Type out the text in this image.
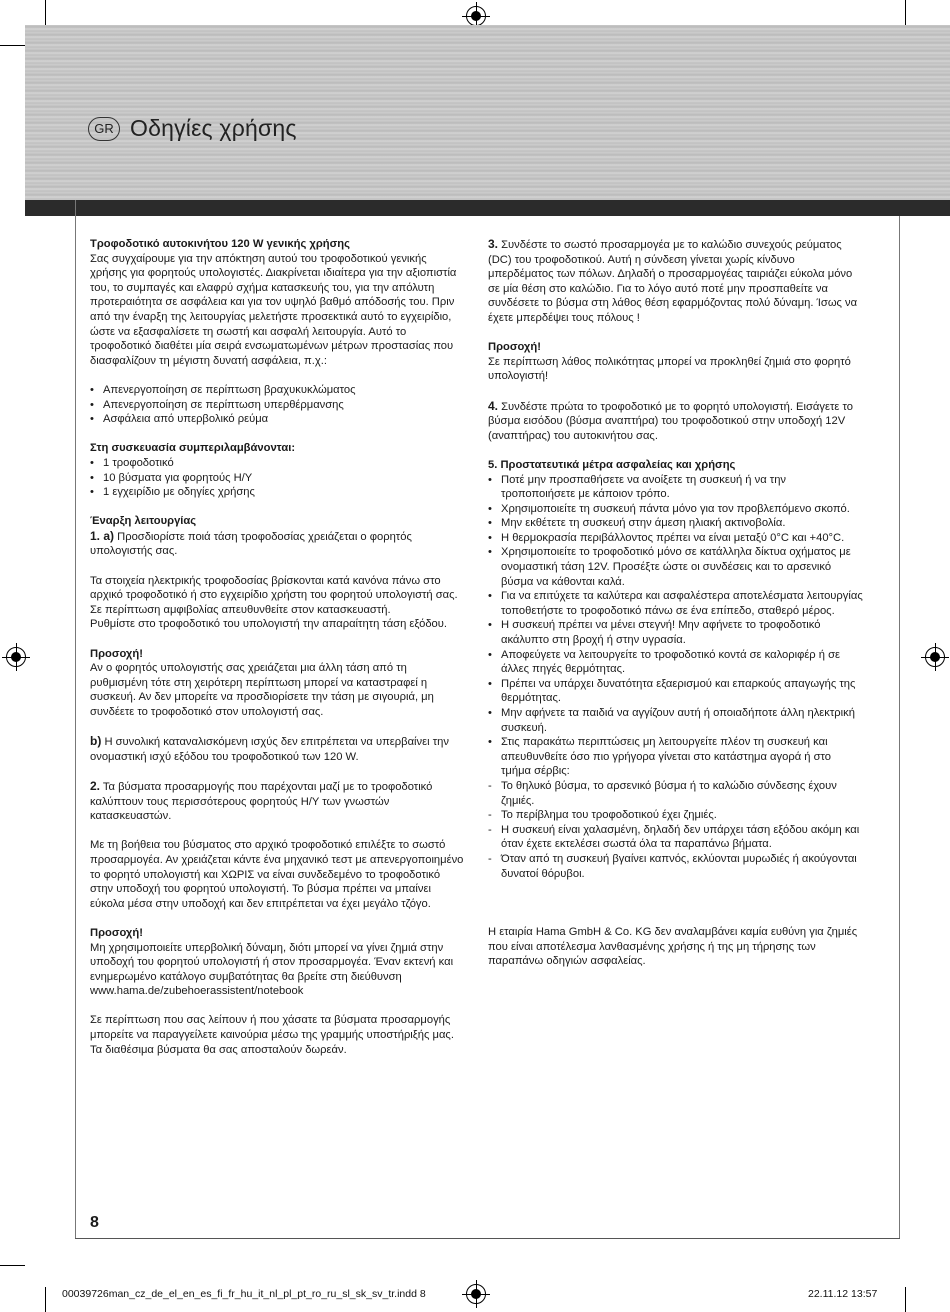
GR Οδηγίες χρήσης

Τροφοδοτικό αυτοκινήτου 120 W γενικής χρήσης

Σας συγχαίρουμε για την απόκτηση αυτού του τροφοδοτικού γενικής χρήσης για φορητούς υπολογιστές. Διακρίνεται ιδιαίτερα για την αξιοπιστία του, το συμπαγές και ελαφρύ σχήμα κατασκευής του, για την απόλυτη προτεραιότητα σε ασφάλεια και για τον υψηλό βαθμό απόδοσής του. Πριν από την έναρξη της λειτουργίας μελετήστε προσεκτικά αυτό το εγχειρίδιο, ώστε να εξασφαλίσετε τη σωστή και ασφαλή λειτουργία. Αυτό το τροφοδοτικό διαθέτει μία σειρά ενσωματωμένων μέτρων προστασίας που διασφαλίζουν τη μέγιστη δυνατή ασφάλεια, π.χ.:

• Απενεργοποίηση σε περίπτωση βραχυκυκλώματος

• Απενεργοποίηση σε περίπτωση υπερθέρμανσης

• Ασφάλεια από υπερβολικό ρεύμα

Στη συσκευασία συμπεριλαμβάνονται:

• 1 τροφοδοτικό

• 10 βύσματα για φορητούς Η/Υ

• 1 εγχειρίδιο με οδηγίες χρήσης

Έναρξη λειτουργίας

1. a) Προσδιορίστε ποιά τάση τροφοδοσίας χρειάζεται ο φορητός υπολογιστής σας.

Τα στοιχεία ηλεκτρικής τροφοδοσίας βρίσκονται κατά κανόνα πάνω στο αρχικό τροφοδοτικό ή στο εγχειρίδιο χρήστη του φορητού υπολογιστή σας. Σε περίπτωση αμφιβολίας απευθυνθείτε στον κατασκευαστή.

Ρυθμίστε στο τροφοδοτικό του υπολογιστή την απαραίτητη τάση εξόδου.

Προσοχή!

Αν ο φορητός υπολογιστής σας χρειάζεται μια άλλη τάση από τη ρυθμισμένη τότε στη χειρότερη περίπτωση μπορεί να καταστραφεί η συσκευή. Αν δεν μπορείτε να προσδιορίσετε την τάση με σιγουριά, μη συνδέετε το τροφοδοτικό στον υπολογιστή σας.

b) Η συνολική καταναλισκόμενη ισχύς δεν επιτρέπεται να υπερβαίνει την ονομαστική ισχύ εξόδου του τροφοδοτικού των 120 W.

2. Τα βύσματα προσαρμογής που παρέχονται μαζί με το τροφοδοτικό καλύπτουν τους περισσότερους φορητούς Η/Υ των γνωστών κατασκευαστών.

Με τη βοήθεια του βύσματος στο αρχικό τροφοδοτικό επιλέξτε το σωστό προσαρμογέα. Αν χρειάζεται κάντε ένα μηχανικό τεστ με απενεργοποιημένο το φορητό υπολογιστή και ΧΩΡΙΣ να είναι συνδεδεμένο το τροφοδοτικό στην υποδοχή του φορητού υπολογιστή. Το βύσμα πρέπει να μπαίνει εύκολα μέσα στην υποδοχή και δεν επιτρέπεται να έχει μεγάλο τζόγο.

Προσοχή!

Μη χρησιμοποιείτε υπερβολική δύναμη, διότι μπορεί να γίνει ζημιά στην υποδοχή του φορητού υπολογιστή ή στον προσαρμογέα. Έναν εκτενή και ενημερωμένο κατάλογο συμβατότητας θα βρείτε στη διεύθυνση www.hama.de/zubehoerassistent/notebook

Σε περίπτωση που σας λείπουν ή που χάσατε τα βύσματα προσαρμογής μπορείτε να παραγγείλετε καινούρια μέσω της γραμμής υποστήριξής μας. Τα διαθέσιμα βύσματα θα σας αποσταλούν δωρεάν.

3. Συνδέστε το σωστό προσαρμογέα με το καλώδιο συνεχούς ρεύματος (DC) του τροφοδοτικού. Αυτή η σύνδεση γίνεται χωρίς κίνδυνο μπερδέματος των πόλων. Δηλαδή ο προσαρμογέας ταιριάζει εύκολα μόνο σε μία θέση στο καλώδιο. Για το λόγο αυτό ποτέ μην προσπαθείτε να συνδέσετε το βύσμα στη λάθος θέση εφαρμόζοντας πολύ δύναμη. Ίσως να έχετε μπερδέψει τους πόλους !

Προσοχή!

Σε περίπτωση λάθος πολικότητας μπορεί να προκληθεί ζημιά στο φορητό υπολογιστή!

4. Συνδέστε πρώτα το τροφοδοτικό με το φορητό υπολογιστή. Εισάγετε το βύσμα εισόδου (βύσμα αναπτήρα) του τροφοδοτικού στην υποδοχή 12V (αναπτήρας) του αυτοκινήτου σας.

5. Προστατευτικά μέτρα ασφαλείας και χρήσης

• Ποτέ μην προσπαθήσετε να ανοίξετε τη συσκευή ή να την τροποποιήσετε με κάποιον τρόπο.

• Χρησιμοποιείτε τη συσκευή πάντα μόνο για τον προβλεπόμενο σκοπό.

• Μην εκθέτετε τη συσκευή στην άμεση ηλιακή ακτινοβολία.

• Η θερμοκρασία περιβάλλοντος πρέπει να είναι μεταξύ 0°C και +40°C.

• Χρησιμοποιείτε το τροφοδοτικό μόνο σε κατάλληλα δίκτυα οχήματος με ονομαστική τάση 12V. Προσέξτε ώστε οι συνδέσεις και το αρσενικό βύσμα να κάθονται καλά.

• Για να επιτύχετε τα καλύτερα και ασφαλέστερα αποτελέσματα λειτουργίας τοποθετήστε το τροφοδοτικό πάνω σε ένα επίπεδο, σταθερό μέρος.

• Η συσκευή πρέπει να μένει στεγνή! Μην αφήνετε το τροφοδοτικό ακάλυπτο στη βροχή ή στην υγρασία.

• Αποφεύγετε να λειτουργείτε το τροφοδοτικό κοντά σε καλοριφέρ ή σε άλλες πηγές θερμότητας.

• Πρέπει να υπάρχει δυνατότητα εξαερισμού και επαρκούς απαγωγής της θερμότητας.

• Μην αφήνετε τα παιδιά να αγγίζουν αυτή ή οποιαδήποτε άλλη ηλεκτρική συσκευή.

• Στις παρακάτω περιπτώσεις μη λειτουργείτε πλέον τη συσκευή και απευθυνθείτε όσο πιο γρήγορα γίνεται στο κατάστημα αγορά ή στο τμήμα σέρβις:

- Το θηλυκό βύσμα, το αρσενικό βύσμα ή το καλώδιο σύνδεσης έχουν ζημιές.

- Το περίβλημα του τροφοδοτικού έχει ζημιές.

- Η συσκευή είναι χαλασμένη, δηλαδή δεν υπάρχει τάση εξόδου ακόμη και όταν έχετε εκτελέσει σωστά όλα τα παραπάνω βήματα.

- Όταν από τη συσκευή βγαίνει καπνός, εκλύονται μυρωδιές ή ακούγονται δυνατοί θόρυβοι.

Η εταιρία Hama GmbH & Co. KG δεν αναλαμβάνει καμία ευθύνη για ζημιές που είναι αποτέλεσμα λανθασμένης χρήσης ή της μη τήρησης των παραπάνω οδηγιών ασφαλείας.

8
00039726man_cz_de_el_en_es_fi_fr_hu_it_nl_pl_pt_ro_ru_sl_sk_sv_tr.indd 8	22.11.12 13:57
